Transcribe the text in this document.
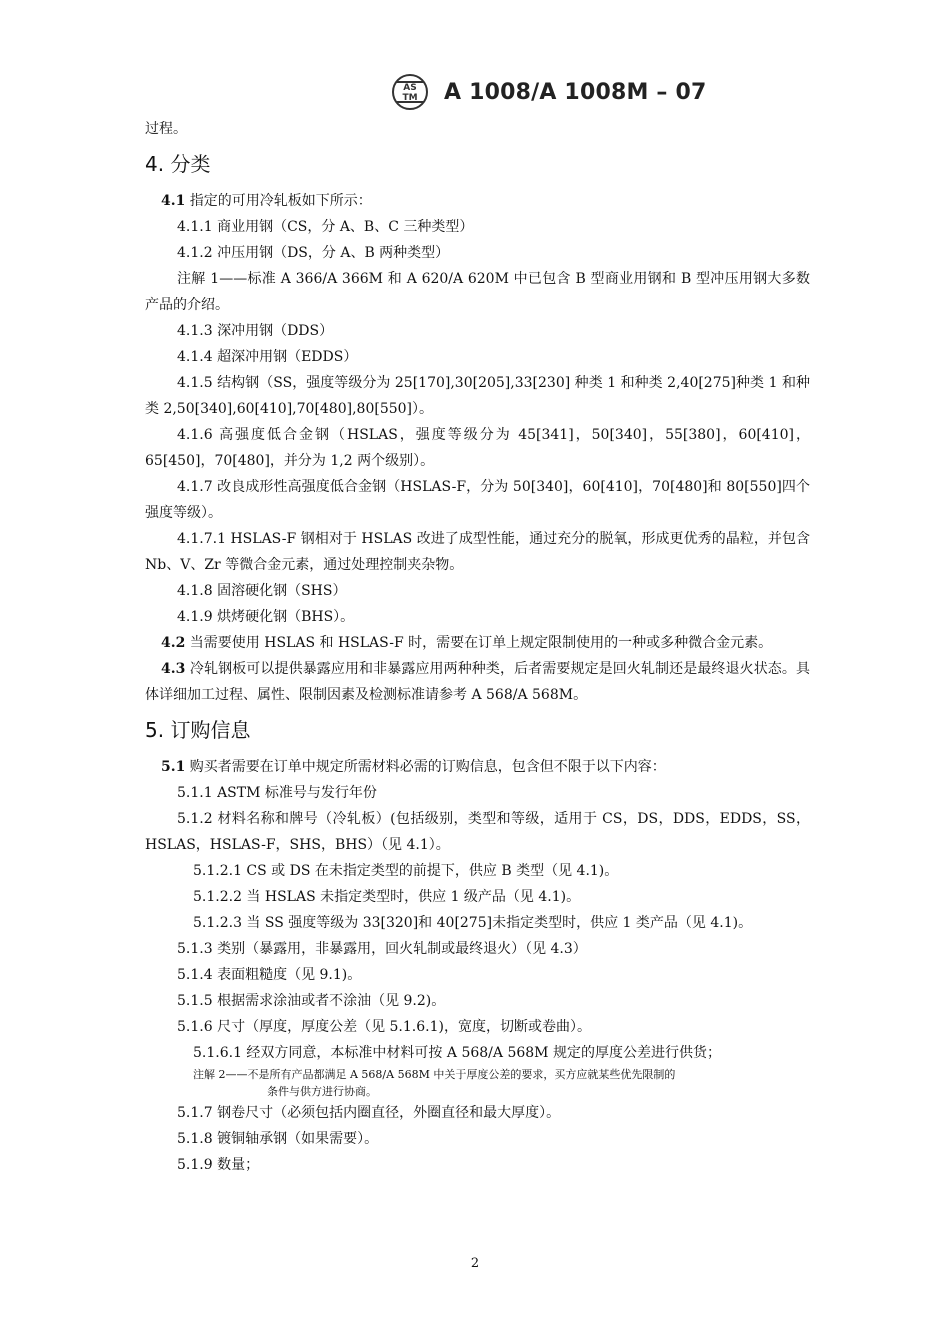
AS
TM A 1008/A 1008M – 07

过程。

4. 分类

4.1 指定的可用冷轧板如下所示：

4.1.1 商业用钢（CS，分 A、B、C 三种类型）

4.1.2 冲压用钢（DS，分 A、B 两种类型）

注解 1——标准 A 366/A 366M 和 A 620/A 620M 中已包含 B 型商业用钢和 B 型冲压用钢大多数产品的介绍。

4.1.3 深冲用钢（DDS）

4.1.4 超深冲用钢（EDDS）

4.1.5 结构钢（SS，强度等级分为 25[170],30[205],33[230] 种类 1 和种类 2,40[275]种类 1 和种类 2,50[340],60[410],70[480],80[550]）。

4.1.6 高强度低合金钢（HSLAS，强度等级分为 45[341]，50[340]，55[380]，60[410]，65[450]，70[480]，并分为 1,2 两个级别）。

4.1.7 改良成形性高强度低合金钢（HSLAS-F，分为 50[340]，60[410]，70[480]和 80[550]四个强度等级）。

4.1.7.1 HSLAS-F 钢相对于 HSLAS 改进了成型性能，通过充分的脱氧，形成更优秀的晶粒，并包含 Nb、V、Zr 等微合金元素，通过处理控制夹杂物。

4.1.8 固溶硬化钢（SHS）

4.1.9 烘烤硬化钢（BHS）。

4.2 当需要使用 HSLAS 和 HSLAS-F 时，需要在订单上规定限制使用的一种或多种微合金元素。

4.3 冷轧钢板可以提供暴露应用和非暴露应用两种种类，后者需要规定是回火轧制还是最终退火状态。具体详细加工过程、属性、限制因素及检测标准请参考 A 568/A 568M。

5. 订购信息

5.1 购买者需要在订单中规定所需材料必需的订购信息，包含但不限于以下内容：

5.1.1 ASTM 标准号与发行年份

5.1.2 材料名称和牌号（冷轧板）(包括级别，类型和等级，适用于 CS，DS，DDS，EDDS，SS，HSLAS，HSLAS-F，SHS，BHS）（见 4.1）。

5.1.2.1 CS 或 DS 在未指定类型的前提下，供应 B 类型（见 4.1)。

5.1.2.2 当 HSLAS 未指定类型时，供应 1 级产品（见 4.1)。

5.1.2.3 当 SS 强度等级为 33[320]和 40[275]未指定类型时，供应 1 类产品（见 4.1)。

5.1.3 类别（暴露用，非暴露用，回火轧制或最终退火）（见 4.3）

5.1.4 表面粗糙度（见 9.1)。

5.1.5 根据需求涂油或者不涂油（见 9.2)。

5.1.6 尺寸（厚度，厚度公差（见 5.1.6.1)，宽度，切断或卷曲）。

5.1.6.1 经双方同意，本标准中材料可按 A 568/A 568M 规定的厚度公差进行供货；

注解 2——不是所有产品都满足 A 568/A 568M 中关于厚度公差的要求，买方应就某些优先限制的

条件与供方进行协商。

5.1.7 钢卷尺寸（必须包括内圈直径，外圈直径和最大厚度）。

5.1.8 镀铜轴承钢（如果需要）。

5.1.9 数量；

2
